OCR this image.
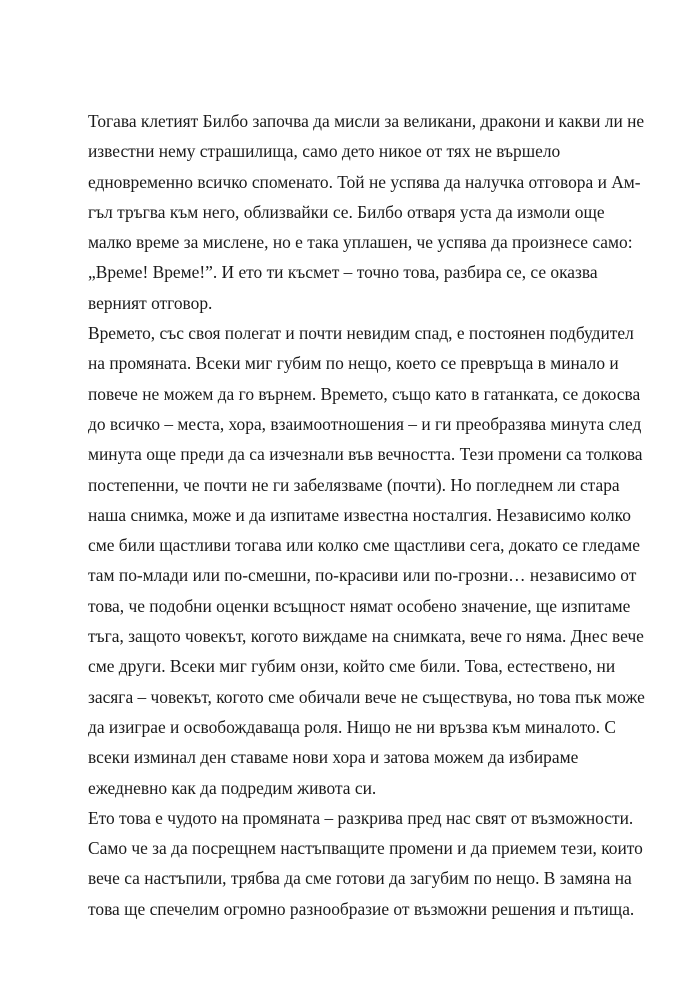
Тогава клетият Билбо започва да мисли за великани, дракони и какви ли не
известни нему страшилища, само дето никое от тях не вършело
едновременно всичко споменато. Той не успява да налучка отговора и Ам-
гъл тръгва към него, облизвайки се. Билбо отваря уста да измоли още
малко време за мислене, но е така уплашен, че успява да произнесе само:
„Време! Време!”. И ето ти късмет – точно това, разбира се, се оказва
верният отговор.
Времето, със своя полегат и почти невидим спад, е постоянен подбудител
на промяната. Всеки миг губим по нещо, което се превръща в минало и
повече не можем да го върнем. Времето, също като в гатанката, се докосва
до всичко – места, хора, взаимоотношения – и ги преобразява минута след
минута още преди да са изчезнали във вечността. Тези промени са толкова
постепенни, че почти не ги забелязваме (почти). Но погледнем ли стара
наша снимка, може и да изпитаме известна носталгия. Независимо колко
сме били щастливи тогава или колко сме щастливи сега, докато се гледаме
там по-млади или по-смешни, по-красиви или по-грозни… независимо от
това, че подобни оценки всъщност нямат особено значение, ще изпитаме
тъга, защото човекът, когото виждаме на снимката, вече го няма. Днес вече
сме други. Всеки миг губим онзи, който сме били. Това, естествено, ни
засяга – човекът, когото сме обичали вече не съществува, но това пък може
да изиграе и освобождаваща роля. Нищо не ни връзва към миналото. С
всеки изминал ден ставаме нови хора и затова можем да избираме
ежедневно как да подредим живота си.
Ето това е чудото на промяната – разкрива пред нас свят от възможности.
Само че за да посрещнем настъпващите промени и да приемем тези, които
вече са настъпили, трябва да сме готови да загубим по нещо. В замяна на
това ще спечелим огромно разнообразие от възможни решения и пътища.
